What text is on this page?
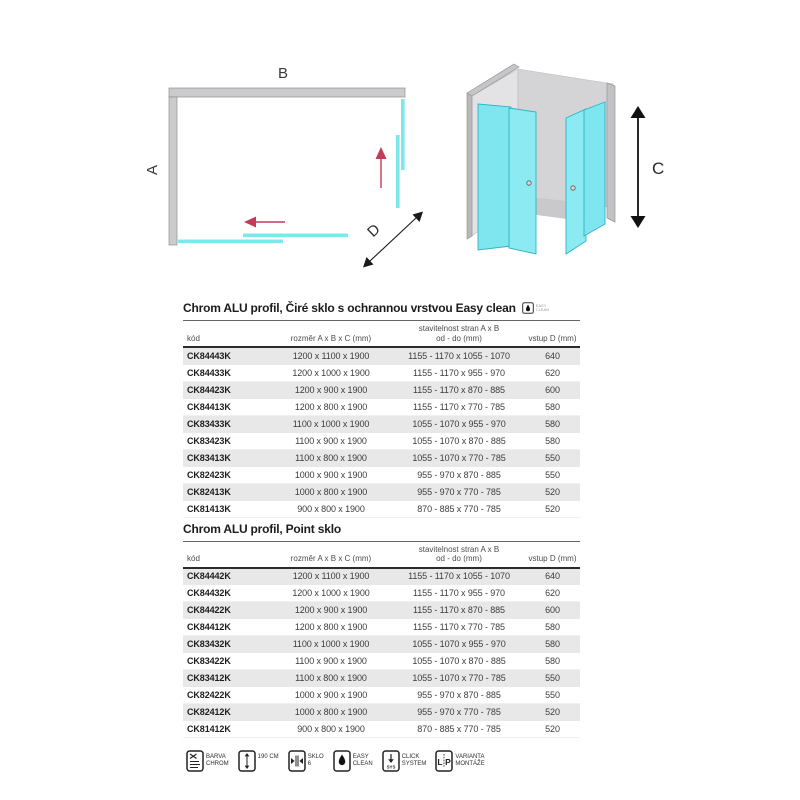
B
A
D
C
Chrom ALU profil, Čiré sklo s ochrannou vrstvou Easy clean	EASY
CLEAN
kód	rozměr A x B x C (mm)	stavitelnost stran A x B
od - do (mm)	vstup D (mm)

CK84443K	1200 x 1100 x 1900	1155 - 1170 x 1055 - 1070	640
CK84433K	1200 x 1000 x 1900	1155 - 1170 x 955 - 970	620
CK84423K	1200 x 900 x 1900	1155 - 1170 x 870 - 885	600
CK84413K	1200 x 800 x 1900	1155 - 1170 x 770 - 785	580
CK83433K	1100 x 1000 x 1900	1055 - 1070 x 955 - 970	580
CK83423K	1100 x 900 x 1900	1055 - 1070 x 870 - 885	580
CK83413K	1100 x 800 x 1900	1055 - 1070 x 770 - 785	550
CK82423K	1000 x 900 x 1900	955 - 970 x 870 - 885	550
CK82413K	1000 x 800 x 1900	955 - 970 x 770 - 785	520
CK81413K	900 x 800 x 1900	870 - 885 x 770 - 785	520
Chrom ALU profil, Point sklo
kód	rozměr A x B x C (mm)	stavitelnost stran A x B
od - do (mm)	vstup D (mm)

CK84442K	1200 x 1100 x 1900	1155 - 1170 x 1055 - 1070	640
CK84432K	1200 x 1000 x 1900	1155 - 1170 x 955 - 970	620
CK84422K	1200 x 900 x 1900	1155 - 1170 x 870 - 885	600
CK84412K	1200 x 800 x 1900	1155 - 1170 x 770 - 785	580
CK83432K	1100 x 1000 x 1900	1055 - 1070 x 955 - 970	580
CK83422K	1100 x 900 x 1900	1055 - 1070 x 870 - 885	580
CK83412K	1100 x 800 x 1900	1055 - 1070 x 770 - 785	550
CK82422K	1000 x 900 x 1900	955 - 970 x 870 - 885	550
CK82412K	1000 x 800 x 1900	955 - 970 x 770 - 785	520
CK81412K	900 x 800 x 1900	870 - 885 x 770 - 785	520
BARVA
CHROM
190 CM	SKLO
6
EASY
CLEAN	SYS
CLICK
SYSTEM L P VARIANTA
MONTÁŽE
